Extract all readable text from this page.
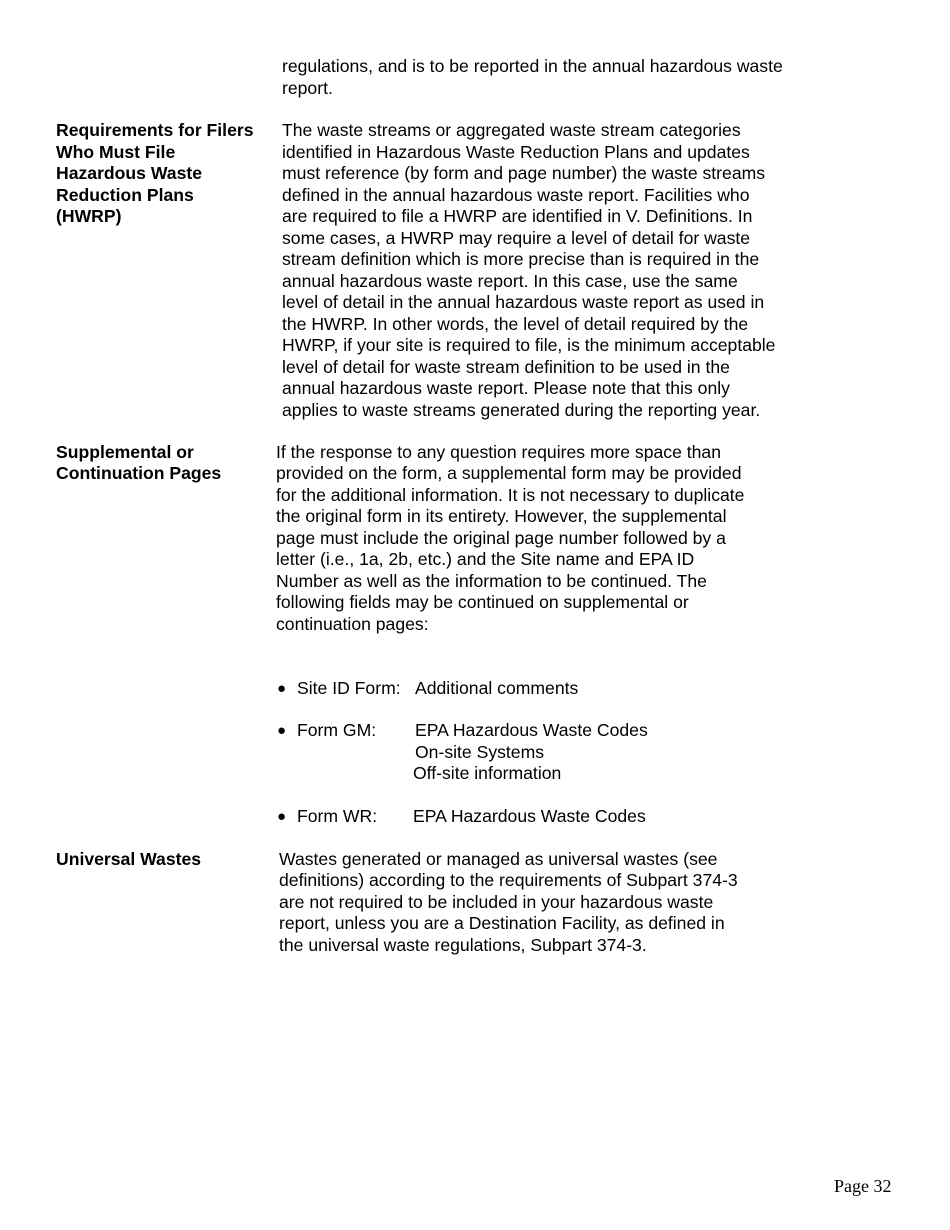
regulations, and is to be reported in the annual hazardous waste
report.
Requirements for Filers
Who Must File
Hazardous Waste
Reduction Plans
(HWRP)
The waste streams or aggregated waste stream categories
identified in Hazardous Waste Reduction Plans and updates
must reference (by form and page number) the waste streams
defined in the annual hazardous waste report. Facilities who
are required to file a HWRP are identified in V. Definitions. In
some cases, a HWRP may require a level of detail for waste
stream definition which is more precise than is required in the
annual hazardous waste report. In this case, use the same
level of detail in the annual hazardous waste report as used in
the HWRP. In other words, the level of detail required by the
HWRP, if your site is required to file, is the minimum acceptable
level of detail for waste stream definition to be used in the
annual hazardous waste report. Please note that this only
applies to waste streams generated during the reporting year.
Supplemental or
Continuation Pages
If the response to any question requires more space than
provided on the form, a supplemental form may be provided
for the additional information. It is not necessary to duplicate
the original form in its entirety. However, the supplemental
page must include the original page number followed by a
letter (i.e., 1a, 2b, etc.) and the Site name and EPA ID
Number as well as the information to be continued. The
following fields may be continued on supplemental or
continuation pages:
● Site ID Form: Additional comments
● Form GM: EPA Hazardous Waste Codes
On-site Systems
Off-site information
● Form WR: EPA Hazardous Waste Codes
Universal Wastes	Wastes generated or managed as universal wastes (see
definitions) according to the requirements of Subpart 374-3
are not required to be included in your hazardous waste
report, unless you are a Destination Facility, as defined in
the universal waste regulations, Subpart 374-3.
Page 32
